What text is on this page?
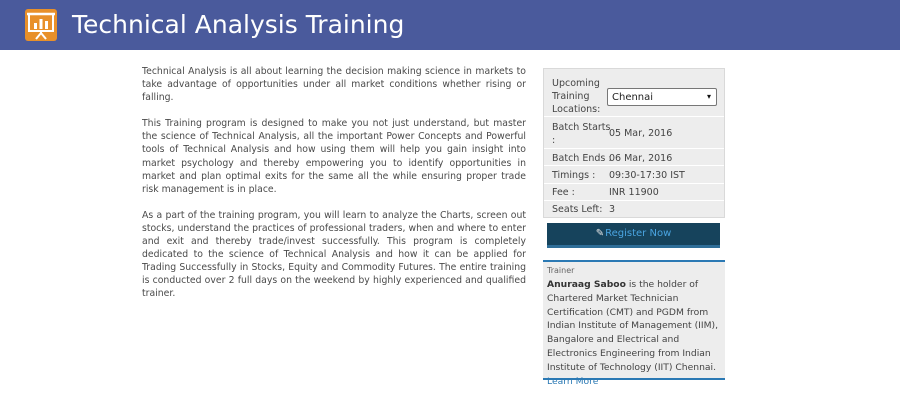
Technical Analysis Training

Technical Analysis is all about learning the decision making science in markets to take advantage of opportunities under all market conditions whether rising or falling.

This Training program is designed to make you not just understand, but master the science of Technical Analysis, all the important Power Concepts and Powerful tools of Technical Analysis and how using them will help you gain insight into market psychology and thereby empowering you to identify opportunities in market and plan optimal exits for the same all the while ensuring proper trade risk management is in place.

As a part of the training program, you will learn to analyze the Charts, screen out stocks, understand the practices of professional traders, when and where to enter and exit and thereby trade/invest successfully. This program is completely dedicated to the science of Technical Analysis and how it can be applied for Trading Successfully in Stocks, Equity and Commodity Futures. The entire training is conducted over 2 full days on the weekend by highly experienced and qualified trainer.

Upcoming
Training
Locations:
Chennai	▾
Batch Starts
:
05 Mar, 2016
Batch Ends :
06 Mar, 2016
Timings : 09:30-17:30 IST
Fee :	INR 11900
Seats Left: 3
✎Register Now
Trainer
Anuraag Saboo is the holder of Chartered Market Technician Certification (CMT) and PGDM from Indian Institute of Management (IIM), Bangalore and Electrical and Electronics Engineering from Indian Institute of Technology (IIT) Chennai. Learn More
